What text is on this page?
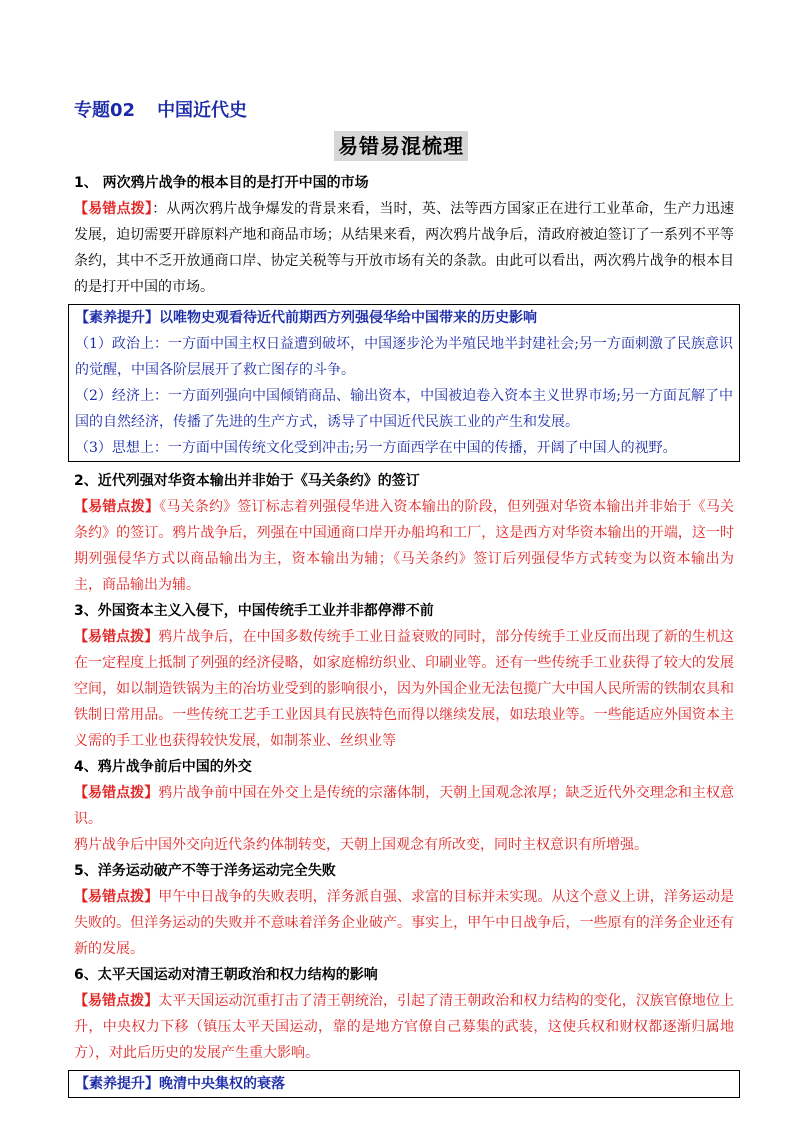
专题02 中国近代史
易错易混梳理

1、 两次鸦片战争的根本目的是打开中国的市场

【易错点拨】：从两次鸦片战争爆发的背景来看，当时，英、法等西方国家正在进行工业革命，生产力迅速发展，迫切需要开辟原料产地和商品市场；从结果来看，两次鸦片战争后，清政府被迫签订了一系列不平等条约，其中不乏开放通商口岸、协定关税等与开放市场有关的条款。由此可以看出，两次鸦片战争的根本目的是打开中国的市场。

【素养提升】以唯物史观看待近代前期西方列强侵华给中国带来的历史影响

（1）政治上：一方面中国主权日益遭到破坏，中国逐步沦为半殖民地半封建社会;另一方面刺激了民族意识的觉醒，中国各阶层展开了救亡图存的斗争。

（2）经济上：一方面列强向中国倾销商品、输出资本，中国被迫卷入资本主义世界市场;另一方面瓦解了中国的自然经济，传播了先进的生产方式，诱导了中国近代民族工业的产生和发展。

（3）思想上：一方面中国传统文化受到冲击;另一方面西学在中国的传播，开阔了中国人的视野。

2、近代列强对华资本输出并非始于《马关条约》的签订

【易错点拨】《马关条约》签订标志着列强侵华进入资本输出的阶段，但列强对华资本输出并非始于《马关条约》的签订。鸦片战争后，列强在中国通商口岸开办船坞和工厂，这是西方对华资本输出的开端，这一时期列强侵华方式以商品输出为主，资本输出为辅；《马关条约》签订后列强侵华方式转变为以资本输出为主，商品输出为辅。

3、外国资本主义入侵下，中国传统手工业并非都停滞不前

【易错点拨】鸦片战争后，在中国多数传统手工业日益衰败的同时，部分传统手工业反而出现了新的生机这在一定程度上抵制了列强的经济侵略，如家庭棉纺织业、印刷业等。还有一些传统手工业获得了较大的发展空间，如以制造铁锅为主的冶坊业受到的影响很小，因为外国企业无法包揽广大中国人民所需的铁制农具和铁制日常用品。一些传统工艺手工业因具有民族特色而得以继续发展，如珐琅业等。一些能适应外国资本主义需的手工业也获得较快发展，如制茶业、丝织业等

4、鸦片战争前后中国的外交

【易错点拨】鸦片战争前中国在外交上是传统的宗藩体制，天朝上国观念浓厚；缺乏近代外交理念和主权意识。

鸦片战争后中国外交向近代条约体制转变，天朝上国观念有所改变，同时主权意识有所增强。

5、洋务运动破产不等于洋务运动完全失败

【易错点拨】甲午中日战争的失败表明，洋务派自强、求富的目标并未实现。从这个意义上讲，洋务运动是失败的。但洋务运动的失败并不意味着洋务企业破产。事实上，甲午中日战争后，一些原有的洋务企业还有新的发展。

6、太平天国运动对清王朝政治和权力结构的影响

【易错点拨】太平天国运动沉重打击了清王朝统治，引起了清王朝政治和权力结构的变化，汉族官僚地位上升，中央权力下移（镇压太平天国运动，靠的是地方官僚自己募集的武装，这使兵权和财权都逐渐归属地方），对此后历史的发展产生重大影响。

【素养提升】晚清中央集权的衰落
